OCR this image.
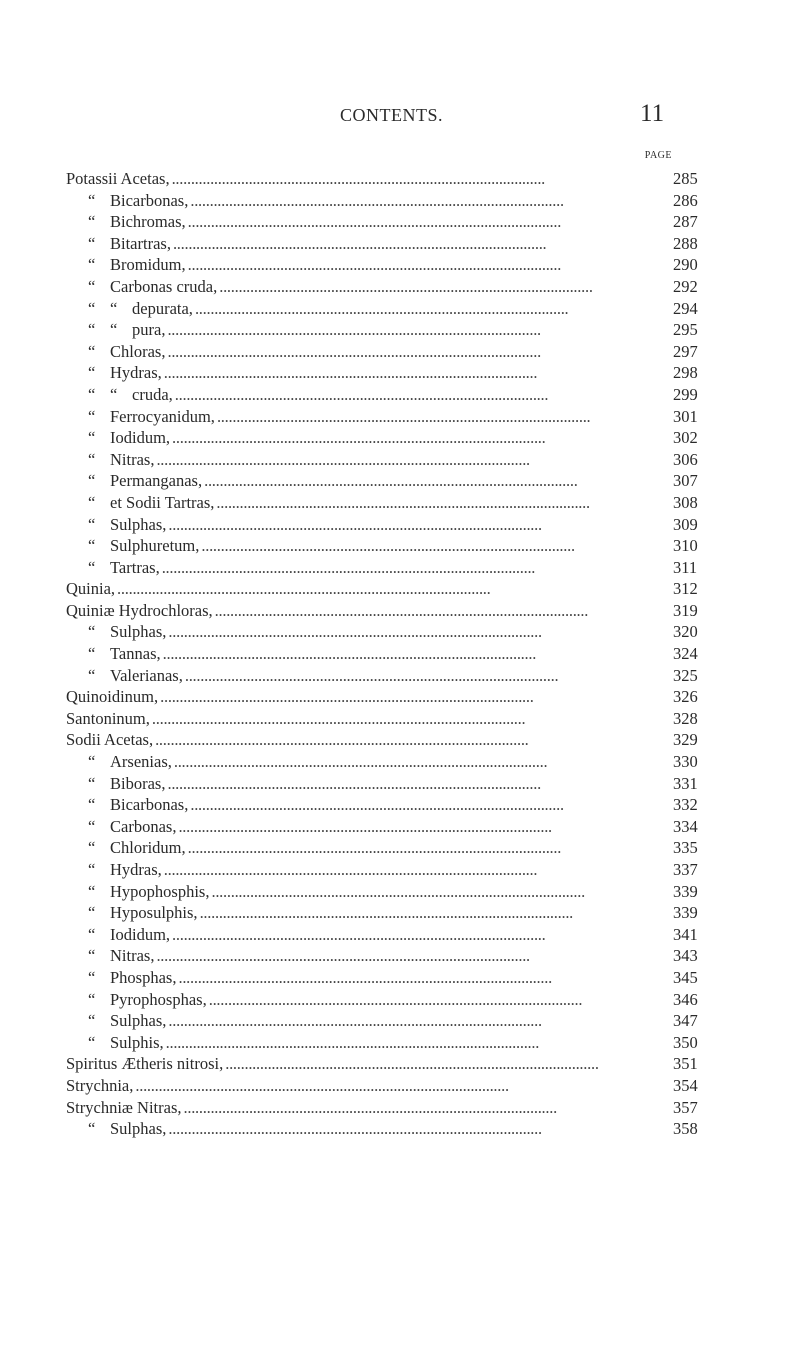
CONTENTS.	11
PAGE
Potassii Acetas, . . .	285
“ Bicarbonas, . . .	286
“ Bichromas, . . .	287
“ Bitartras, . . .	288
“ Bromidum, . . .	290
“ Carbonas cruda, . . .	292
“ “ depurata, . . .	294
“ “ pura, . . .	295
“ Chloras, . . .	297
“ Hydras, . . .	298
“ “ cruda, . . .	299
“ Ferrocyanidum, . . .	301
“ Iodidum, . . .	302
“ Nitras, . . .	306
“ Permanganas, . . .	307
“ et Sodii Tartras, . . .	308
“ Sulphas, . . .	309
“ Sulphuretum, . . .	310
“ Tartras, . . .	311
Quinia, . . .	312
Quiniæ Hydrochloras, . . .	319
“ Sulphas, . . .	320
“ Tannas, . . .	324
“ Valerianas, . . .	325
Quinoidinum, . . .	326
Santoninum, . . .	328
Sodii Acetas, . . .	329
“ Arsenias, . . .	330
“ Biboras, . . .	331
“ Bicarbonas, . . .	332
“ Carbonas, . . .	334
“ Chloridum, . . .	335
“ Hydras, . . .	337
“ Hypophosphis, . . .	339
“ Hyposulphis, . . .	339
“ Iodidum, . . .	341
“ Nitras, . . .	343
“ Phosphas, . . .	345
“ Pyrophosphas, . . .	346
“ Sulphas, . . .	347
“ Sulphis, . . .	350
Spiritus Ætheris nitrosi, . . .	351
Strychnia, . . .	354
Strychniæ Nitras, . . .	357
“ Sulphas, . . .	358
